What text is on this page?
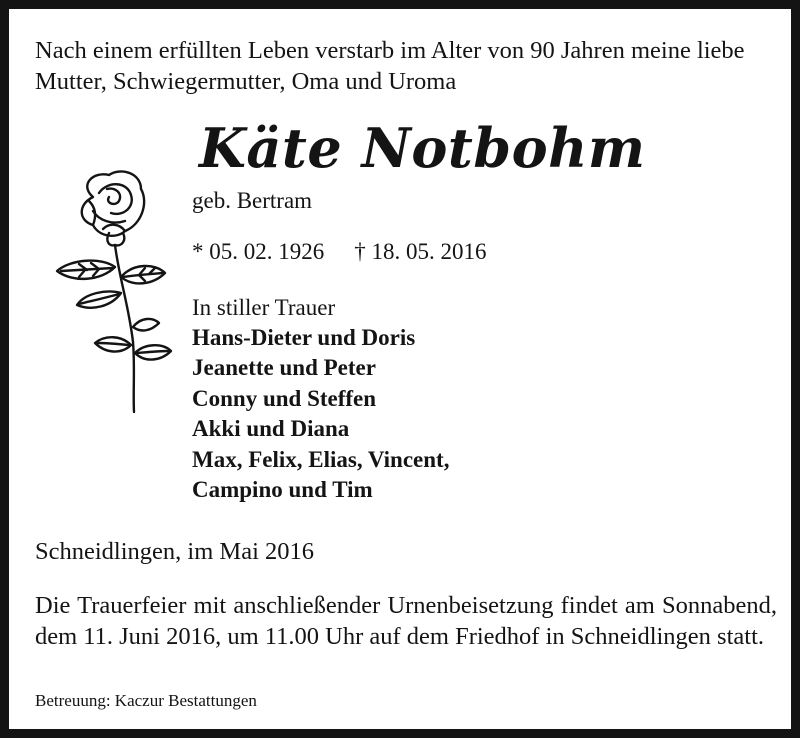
Nach einem erfüllten Leben verstarb im Alter von 90 Jahren meine liebe Mutter, Schwiegermutter, Oma und Uroma

Käte Notbohm
geb. Bertram
* 05. 02. 1926 † 18. 05. 2016
In stiller Trauer
Hans-Dieter und Doris
Jeanette und Peter
Conny und Steffen
Akki und Diana
Max, Felix, Elias, Vincent,
Campino und Tim
Schneidlingen, im Mai 2016

Die Trauerfeier mit anschließender Urnenbeisetzung findet am Sonnabend, dem 11. Juni 2016, um 11.00 Uhr auf dem Friedhof in Schneidlingen statt.

Betreuung: Kaczur Bestattungen
